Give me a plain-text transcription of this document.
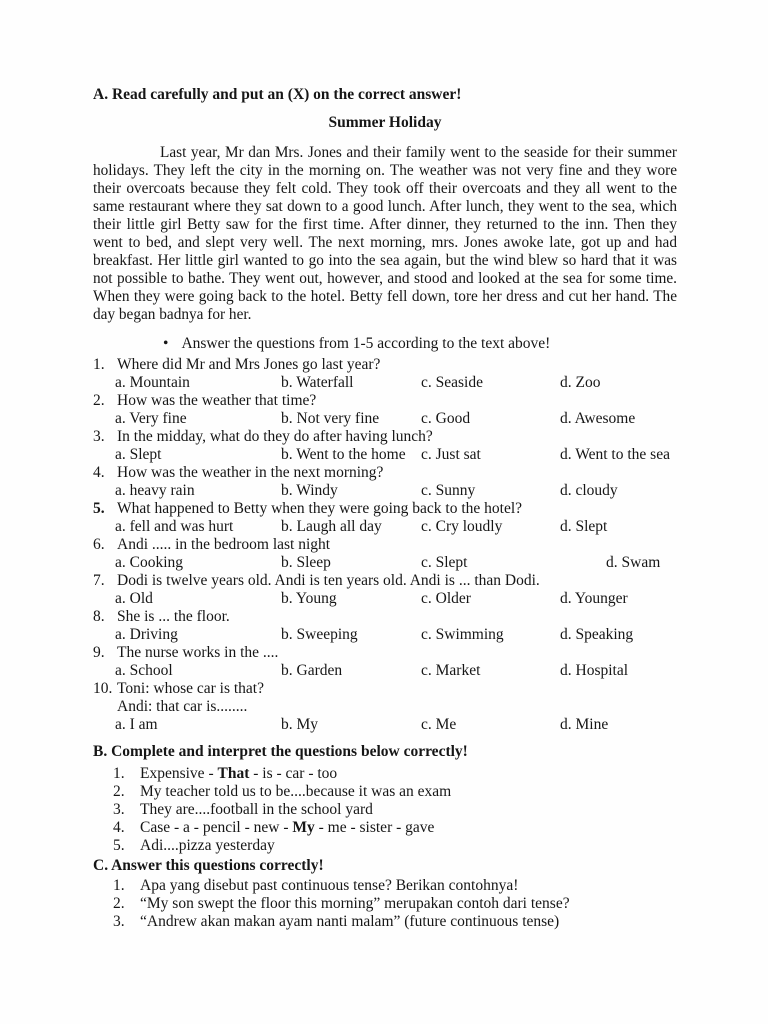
A. Read carefully and put an (X) on the correct answer!
Summer Holiday

Last year, Mr dan Mrs. Jones and their family went to the seaside for their summer holidays. They left the city in the morning on. The weather was not very fine and they wore their overcoats because they felt cold. They took off their overcoats and they all went to the same restaurant where they sat down to a good lunch. After lunch, they went to the sea, which their little girl Betty saw for the first time. After dinner, they returned to the inn. Then they went to bed, and slept very well. The next morning, mrs. Jones awoke late, got up and had breakfast. Her little girl wanted to go into the sea again, but the wind blew so hard that it was not possible to bathe. They went out, however, and stood and looked at the sea for some time. When they were going back to the hotel. Betty fell down, tore her dress and cut her hand. The day began badnya for her.

• Answer the questions from 1-5 according to the text above!
1. Where did Mr and Mrs Jones go last year?
a. Mountain	b. Waterfall	c. Seaside	d. Zoo
2. How was the weather that time?
a. Very fine	b. Not very fine	c. Good	d. Awesome
3. In the midday, what do they do after having lunch?
a. Slept	b. Went to the home c. Just sat	d. Went to the sea
4. How was the weather in the next morning?
a. heavy rain	b. Windy	c. Sunny	d. cloudy
5. What happened to Betty when they were going back to the hotel?
a. fell and was hurt	b. Laugh all day	c. Cry loudly	d. Slept
6. Andi ..... in the bedroom last night
a. Cooking	b. Sleep	c. Slept	d. Swam
7. Dodi is twelve years old. Andi is ten years old. Andi is ... than Dodi.
a. Old	b. Young	c. Older	d. Younger
8. She is ... the floor.
a. Driving	b. Sweeping	c. Swimming	d. Speaking
9. The nurse works in the ....
a. School	b. Garden	c. Market	d. Hospital
10. Toni: whose car is that?
Andi: that car is........
a. I am	b. My	c. Me	d. Mine
B. Complete and interpret the questions below correctly!
1. Expensive - That - is - car - too
2. My teacher told us to be....because it was an exam
3. They are....football in the school yard
4. Case - a - pencil - new - My - me - sister - gave
5. Adi....pizza yesterday
C. Answer this questions correctly!
1. Apa yang disebut past continuous tense? Berikan contohnya!
2. “My son swept the floor this morning” merupakan contoh dari tense?
3. “Andrew akan makan ayam nanti malam” (future continuous tense)
